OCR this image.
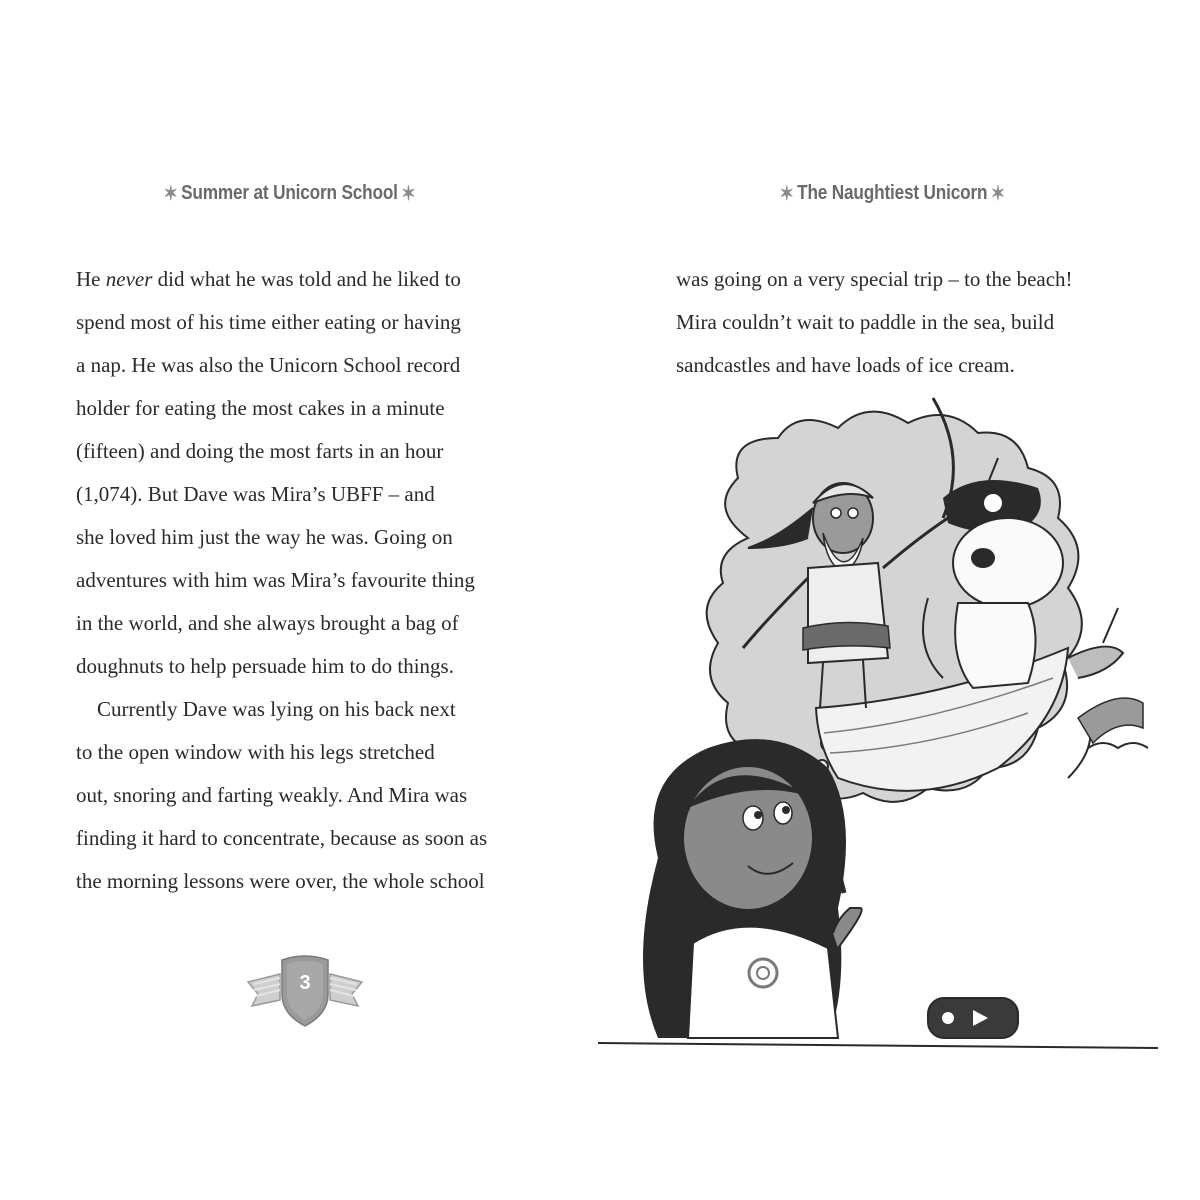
✶ Summer at Unicorn School ✶
He never did what he was told and he liked to
spend most of his time either eating or having
a nap. He was also the Unicorn School record
holder for eating the most cakes in a minute
(fifteen) and doing the most farts in an hour
(1,074). But Dave was Mira’s UBFF – and
she loved him just the way he was. Going on
adventures with him was Mira’s favourite thing
in the world, and she always brought a bag of
doughnuts to help persuade him to do things.
Currently Dave was lying on his back next
to the open window with his legs stretched
out, snoring and farting weakly. And Mira was
finding it hard to concentrate, because as soon as
the morning lessons were over, the whole school
3
✶ The Naughtiest Unicorn ✶
was going on a very special trip – to the beach!
Mira couldn’t wait to paddle in the sea, build
sandcastles and have loads of ice cream.
